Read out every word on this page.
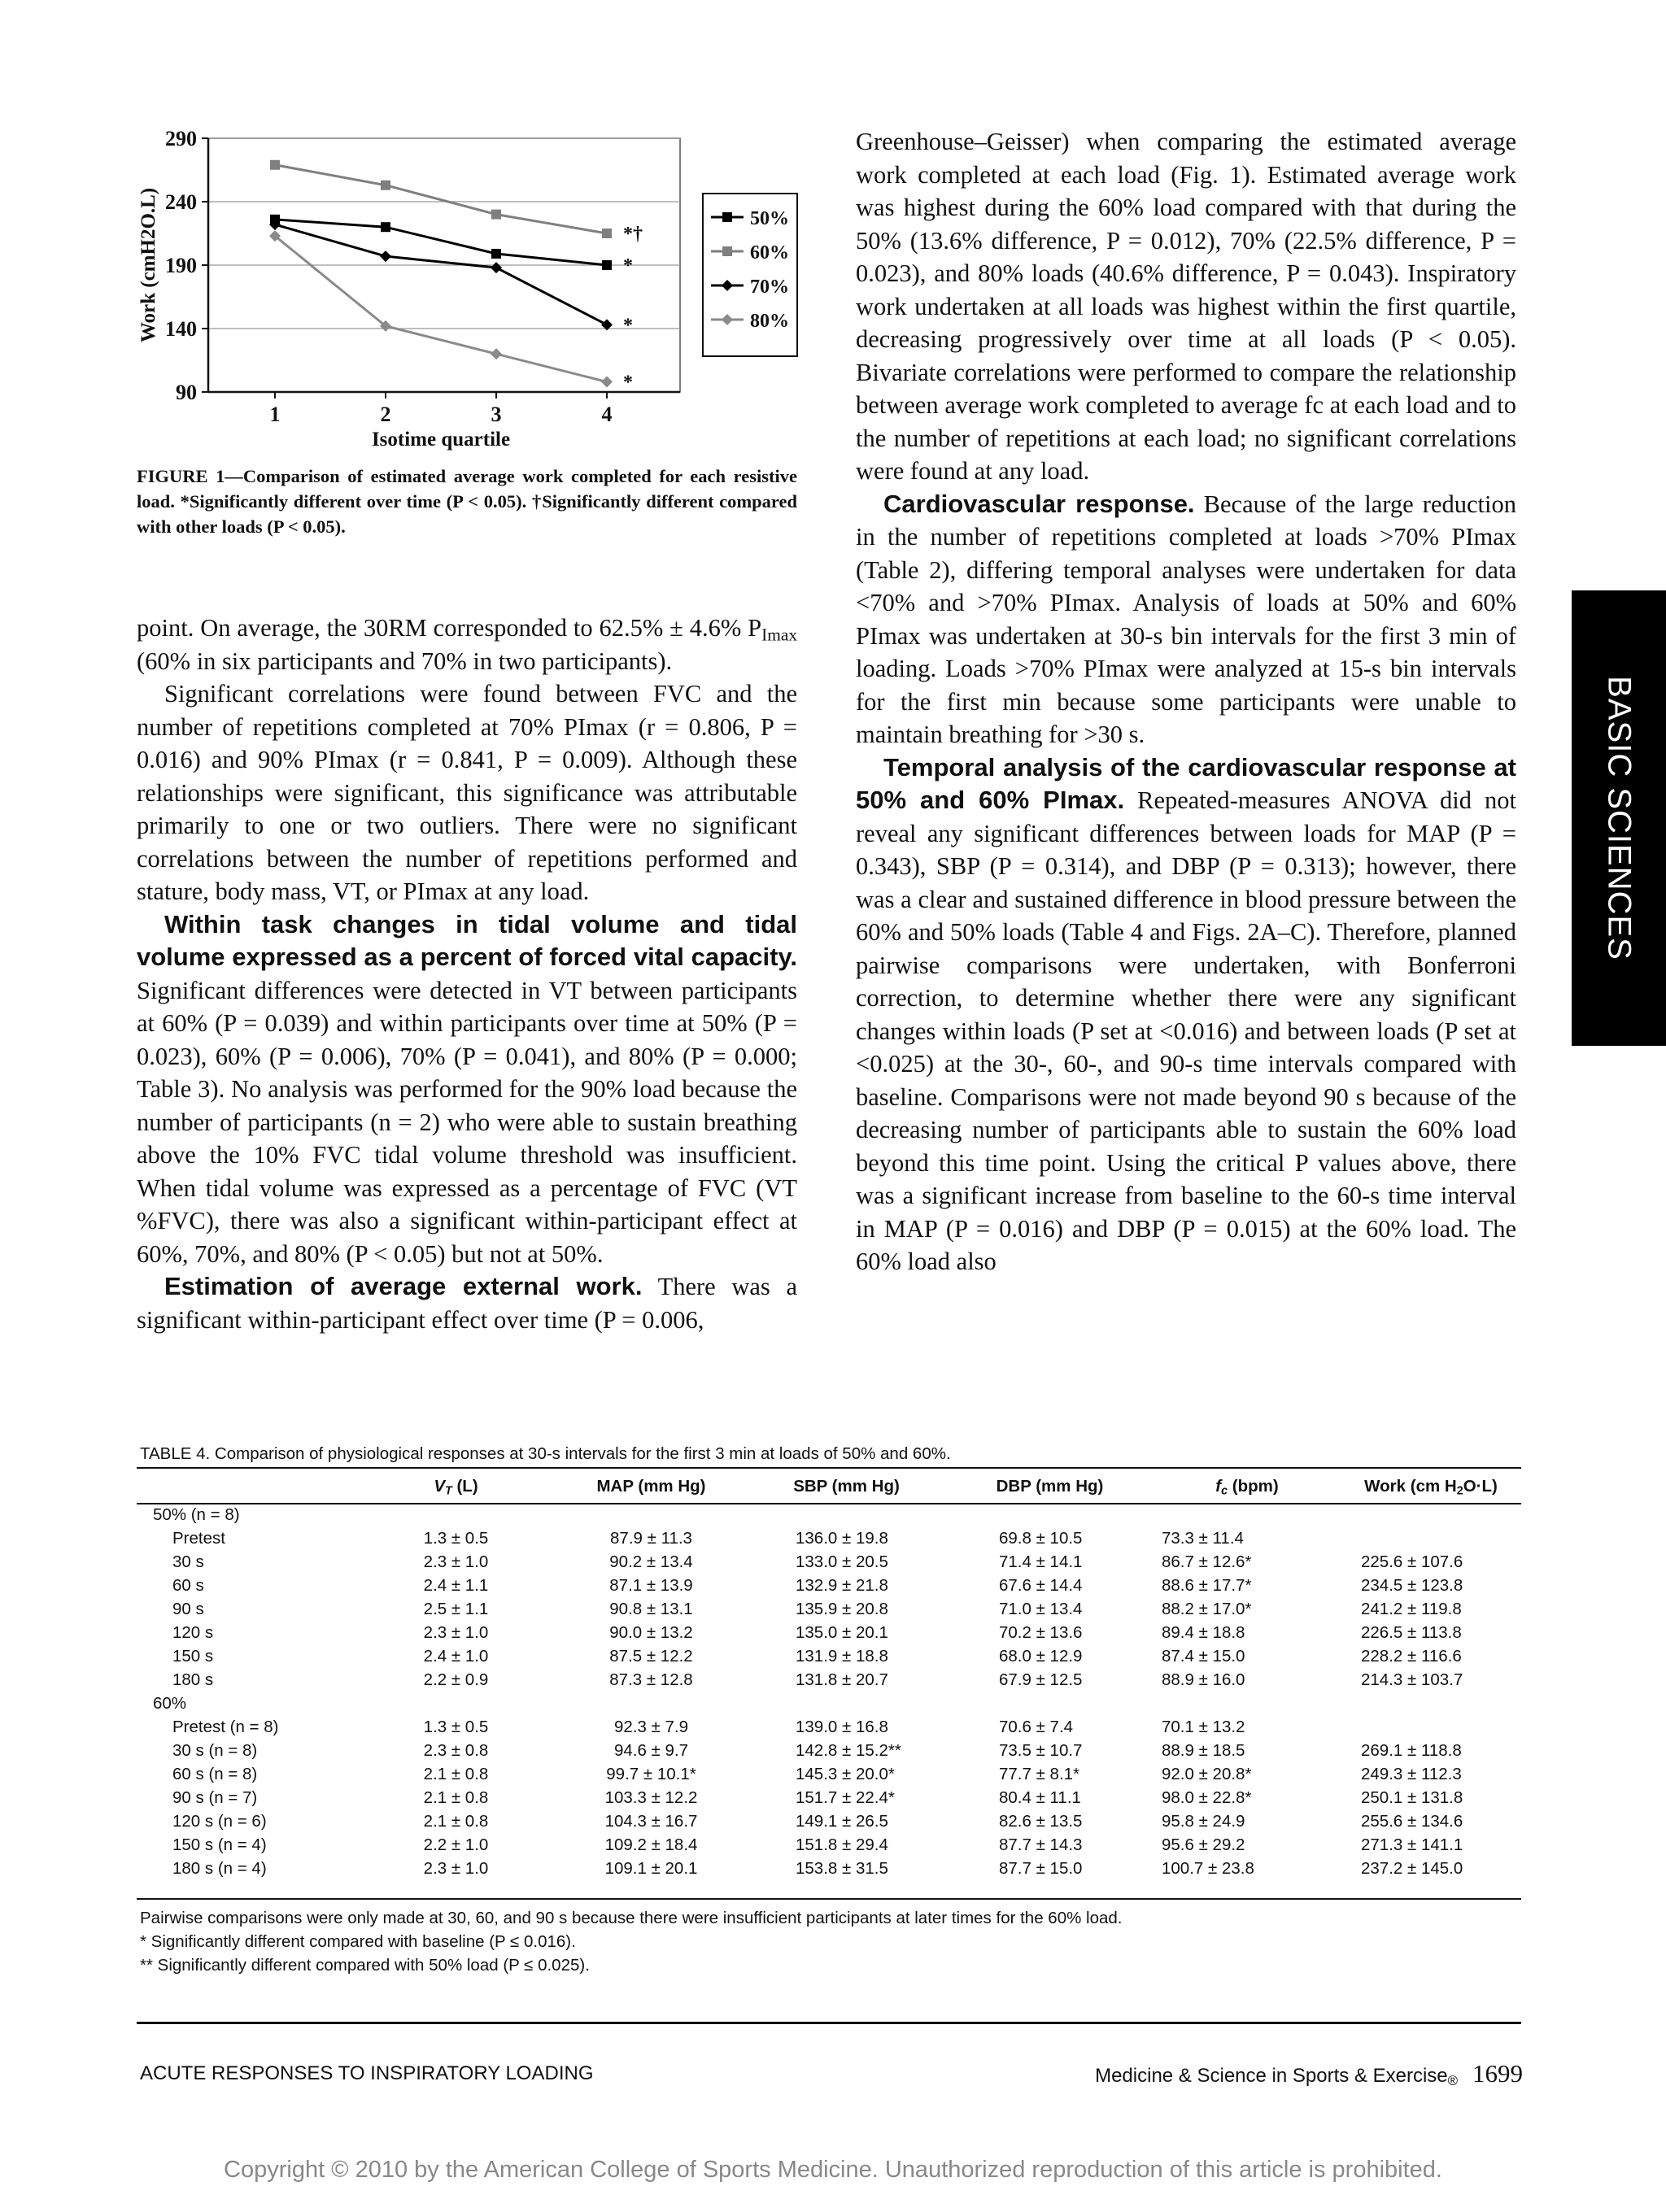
90
140
190
240
290
1	2	3	4
Isotime quartile
Work (cmH2O.L)	*†
*
*
*
50%
60%
70%
80%
FIGURE 1—Comparison of estimated average work completed for each resistive load. *Significantly different over time (P < 0.05). †Significantly different compared with other loads (P < 0.05).

point. On average, the 30RM corresponded to 62.5% ± 4.6% $P_{Imax}$ (60% in six participants and 70% in two participants).

Significant correlations were found between FVC and the number of repetitions completed at 70% PImax (r = 0.806, P = 0.016) and 90% PImax (r = 0.841, P = 0.009). Although these relationships were significant, this significance was attributable primarily to one or two outliers. There were no significant correlations between the number of repetitions performed and stature, body mass, VT, or PImax at any load.

Within task changes in tidal volume and tidal volume expressed as a percent of forced vital capacity. Significant differences were detected in VT between participants at 60% (P = 0.039) and within participants over time at 50% (P = 0.023), 60% (P = 0.006), 70% (P = 0.041), and 80% (P = 0.000; Table 3). No analysis was performed for the 90% load because the number of participants (n = 2) who were able to sustain breathing above the 10% FVC tidal volume threshold was insufficient. When tidal volume was expressed as a percentage of FVC (VT %FVC), there was also a significant within-participant effect at 60%, 70%, and 80% (P < 0.05) but not at 50%.

Estimation of average external work. There was a significant within-participant effect over time (P = 0.006,

Greenhouse–Geisser) when comparing the estimated average work completed at each load (Fig. 1). Estimated average work was highest during the 60% load compared with that during the 50% (13.6% difference, P = 0.012), 70% (22.5% difference, P = 0.023), and 80% loads (40.6% difference, P = 0.043). Inspiratory work undertaken at all loads was highest within the first quartile, decreasing progressively over time at all loads (P < 0.05). Bivariate correlations were performed to compare the relationship between average work completed to average fc at each load and to the number of repetitions at each load; no significant correlations were found at any load.

Cardiovascular response. Because of the large reduction in the number of repetitions completed at loads >70% PImax (Table 2), differing temporal analyses were undertaken for data <70% and >70% PImax. Analysis of loads at 50% and 60% PImax was undertaken at 30-s bin intervals for the first 3 min of loading. Loads >70% PImax were analyzed at 15-s bin intervals for the first min because some participants were unable to maintain breathing for >30 s.

Temporal analysis of the cardiovascular response at 50% and 60% PImax. Repeated-measures ANOVA did not reveal any significant differences between loads for MAP (P = 0.343), SBP (P = 0.314), and DBP (P = 0.313); however, there was a clear and sustained difference in blood pressure between the 60% and 50% loads (Table 4 and Figs. 2A–C). Therefore, planned pairwise comparisons were undertaken, with Bonferroni correction, to determine whether there were any significant changes within loads (P set at <0.016) and between loads (P set at <0.025) at the 30-, 60-, and 90-s time intervals compared with baseline. Comparisons were not made beyond 90 s because of the decreasing number of participants able to sustain the 60% load beyond this time point. Using the critical P values above, there was a significant increase from baseline to the 60-s time interval in MAP (P = 0.016) and DBP (P = 0.015) at the 60% load. The 60% load also

BASIC SCIENCES
TABLE 4. Comparison of physiological responses at 30-s intervals for the first 3 min at loads of 50% and 60%.
	$V_T$ (L)	MAP (mm Hg)	SBP (mm Hg)	DBP (mm Hg)	$f_c$ (bpm)	Work (cm $H_2O\cdot L$)
50% (n = 8)						
Pretest	1.3 ± 0.5	87.9 ± 11.3	136.0 ± 19.8	69.8 ± 10.5	73.3 ± 11.4	
30 s	2.3 ± 1.0	90.2 ± 13.4	133.0 ± 20.5	71.4 ± 14.1	86.7 ± 12.6*	225.6 ± 107.6
60 s	2.4 ± 1.1	87.1 ± 13.9	132.9 ± 21.8	67.6 ± 14.4	88.6 ± 17.7*	234.5 ± 123.8
90 s	2.5 ± 1.1	90.8 ± 13.1	135.9 ± 20.8	71.0 ± 13.4	88.2 ± 17.0*	241.2 ± 119.8
120 s	2.3 ± 1.0	90.0 ± 13.2	135.0 ± 20.1	70.2 ± 13.6	89.4 ± 18.8	226.5 ± 113.8
150 s	2.4 ± 1.0	87.5 ± 12.2	131.9 ± 18.8	68.0 ± 12.9	87.4 ± 15.0	228.2 ± 116.6
180 s	2.2 ± 0.9	87.3 ± 12.8	131.8 ± 20.7	67.9 ± 12.5	88.9 ± 16.0	214.3 ± 103.7
60%						
Pretest (n = 8)	1.3 ± 0.5	92.3 ± 7.9	139.0 ± 16.8	70.6 ± 7.4	70.1 ± 13.2	
30 s (n = 8)	2.3 ± 0.8	94.6 ± 9.7	142.8 ± 15.2**	73.5 ± 10.7	88.9 ± 18.5	269.1 ± 118.8
60 s (n = 8)	2.1 ± 0.8	99.7 ± 10.1*	145.3 ± 20.0*	77.7 ± 8.1*	92.0 ± 20.8*	249.3 ± 112.3
90 s (n = 7)	2.1 ± 0.8	103.3 ± 12.2	151.7 ± 22.4*	80.4 ± 11.1	98.0 ± 22.8*	250.1 ± 131.8
120 s (n = 6)	2.1 ± 0.8	104.3 ± 16.7	149.1 ± 26.5	82.6 ± 13.5	95.8 ± 24.9	255.6 ± 134.6
150 s (n = 4)	2.2 ± 1.0	109.2 ± 18.4	151.8 ± 29.4	87.7 ± 14.3	95.6 ± 29.2	271.3 ± 141.1
180 s (n = 4)	2.3 ± 1.0	109.1 ± 20.1	153.8 ± 31.5	87.7 ± 15.0	100.7 ± 23.8	237.2 ± 145.0
Pairwise comparisons were only made at 30, 60, and 90 s because there were insufficient participants at later times for the 60% load.
* Significantly different compared with baseline (P ≤ 0.016).
** Significantly different compared with 50% load (P ≤ 0.025).
ACUTE RESPONSES TO INSPIRATORY LOADING	Medicine & Science in Sports & Exercise$_®$ 1699
Copyright © 2010 by the American College of Sports Medicine. Unauthorized reproduction of this article is prohibited.
